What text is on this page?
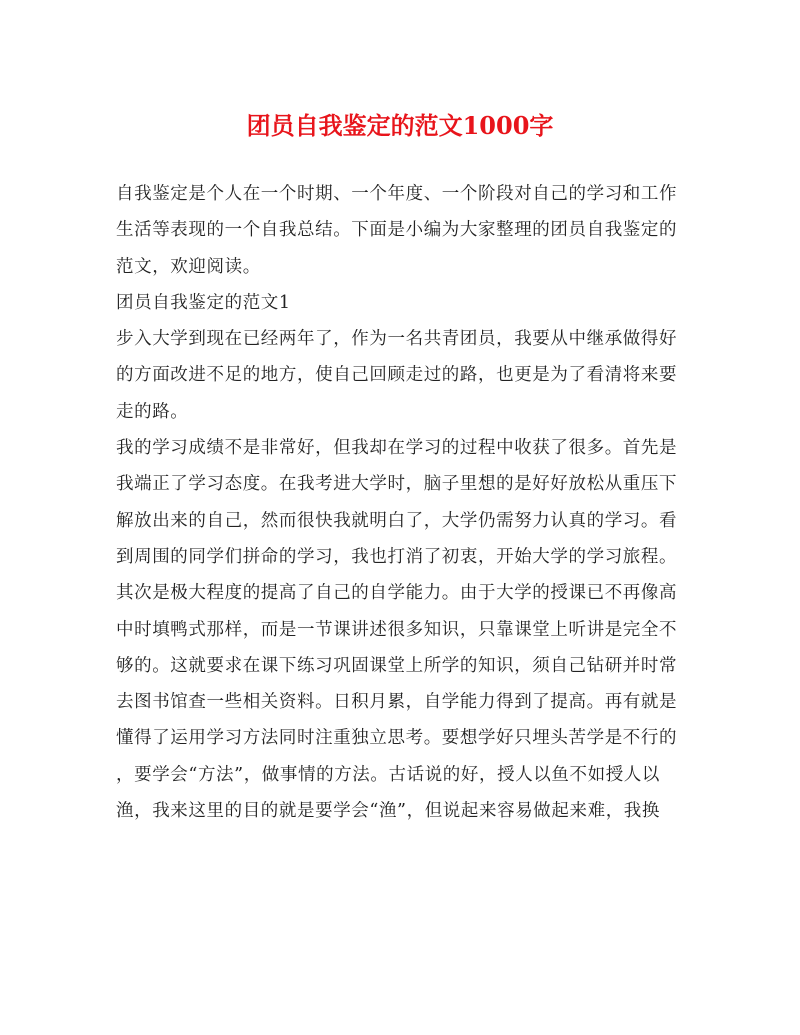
团员自我鉴定的范文1000字
自我鉴定是个人在一个时期、一个年度、一个阶段对自己的学习和工作
生活等表现的一个自我总结。下面是小编为大家整理的团员自我鉴定的
范文，欢迎阅读。
团员自我鉴定的范文1
步入大学到现在已经两年了，作为一名共青团员，我要从中继承做得好
的方面改进不足的地方，使自己回顾走过的路，也更是为了看清将来要
走的路。
我的学习成绩不是非常好，但我却在学习的过程中收获了很多。首先是
我端正了学习态度。在我考进大学时，脑子里想的是好好放松从重压下
解放出来的自己，然而很快我就明白了，大学仍需努力认真的学习。看
到周围的同学们拼命的学习，我也打消了初衷，开始大学的学习旅程。
其次是极大程度的提高了自己的自学能力。由于大学的授课已不再像高
中时填鸭式那样，而是一节课讲述很多知识，只靠课堂上听讲是完全不
够的。这就要求在课下练习巩固课堂上所学的知识，须自己钻研并时常
去图书馆查一些相关资料。日积月累，自学能力得到了提高。再有就是
懂得了运用学习方法同时注重独立思考。要想学好只埋头苦学是不行的
，要学会“方法”，做事情的方法。古话说的好，授人以鱼不如授人以
渔，我来这里的目的就是要学会“渔”，但说起来容易做起来难，我换
